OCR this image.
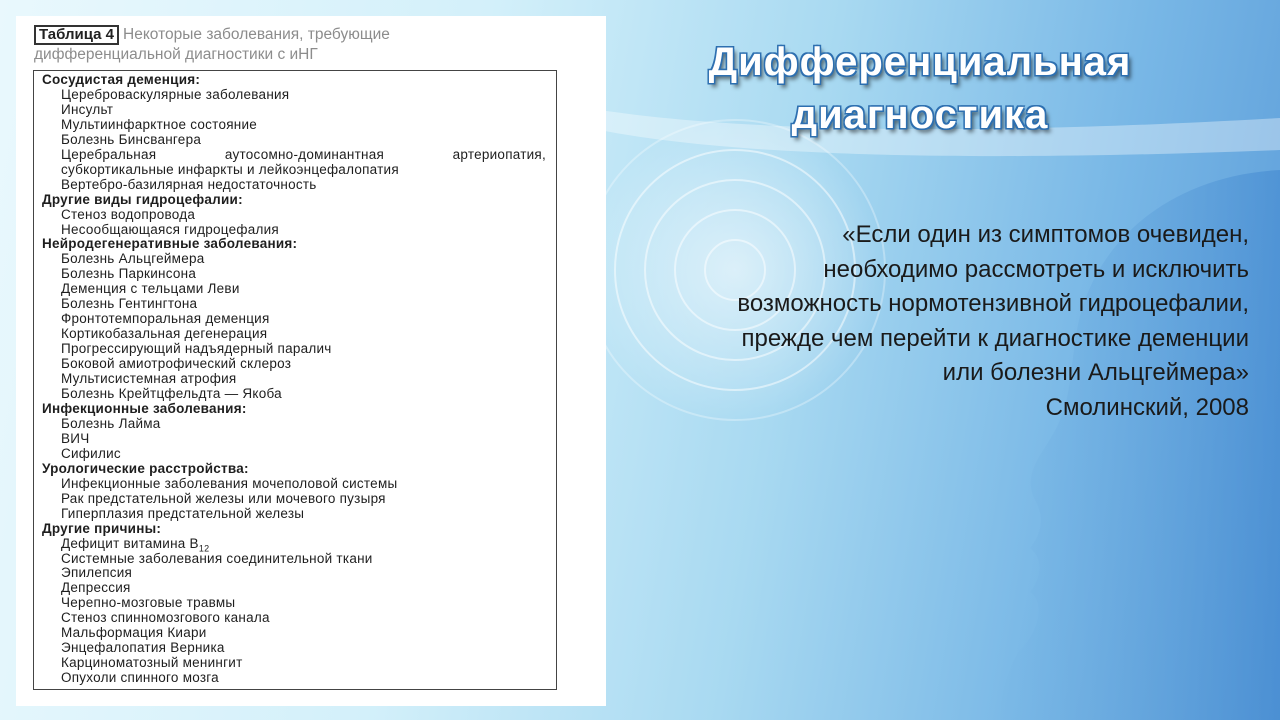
Таблица 4 Некоторые заболевания, требующие
дифференциальной диагностики с иНГ
Сосудистая деменция:
Цереброваскулярные заболевания
Инсульт
Мультиинфарктное состояние
Болезнь Бинсвангера
Церебральная	аутосомно-доминантная	артериопатия,
субкортикальные инфаркты и лейкоэнцефалопатия
Вертебро-базилярная недостаточность
Другие виды гидроцефалии:
Стеноз водопровода
Несообщающаяся гидроцефалия
Нейродегенеративные заболевания:
Болезнь Альцгеймера
Болезнь Паркинсона
Деменция с тельцами Леви
Болезнь Гентингтона
Фронтотемпоральная деменция
Кортикобазальная дегенерация
Прогрессирующий надъядерный паралич
Боковой амиотрофический склероз
Мультисистемная атрофия
Болезнь Крейтцфельдта — Якоба
Инфекционные заболевания:
Болезнь Лайма
ВИЧ
Сифилис
Урологические расстройства:
Инфекционные заболевания мочеполовой системы
Рак предстательной железы или мочевого пузыря
Гиперплазия предстательной железы
Другие причины:
Дефицит витамина $B_{12}$
Системные заболевания соединительной ткани
Эпилепсия
Депрессия
Черепно-мозговые травмы
Стеноз спинномозгового канала
Мальформация Киари
Энцефалопатия Верника
Карциноматозный менингит
Опухоли спинного мозга
Дифференциальная
диагностика
«Если один из симптомов очевиден,
необходимо рассмотреть и исключить
возможность нормотензивной гидроцефалии,
прежде чем перейти к диагностике деменции
или болезни Альцгеймера»
Смолинский, 2008
